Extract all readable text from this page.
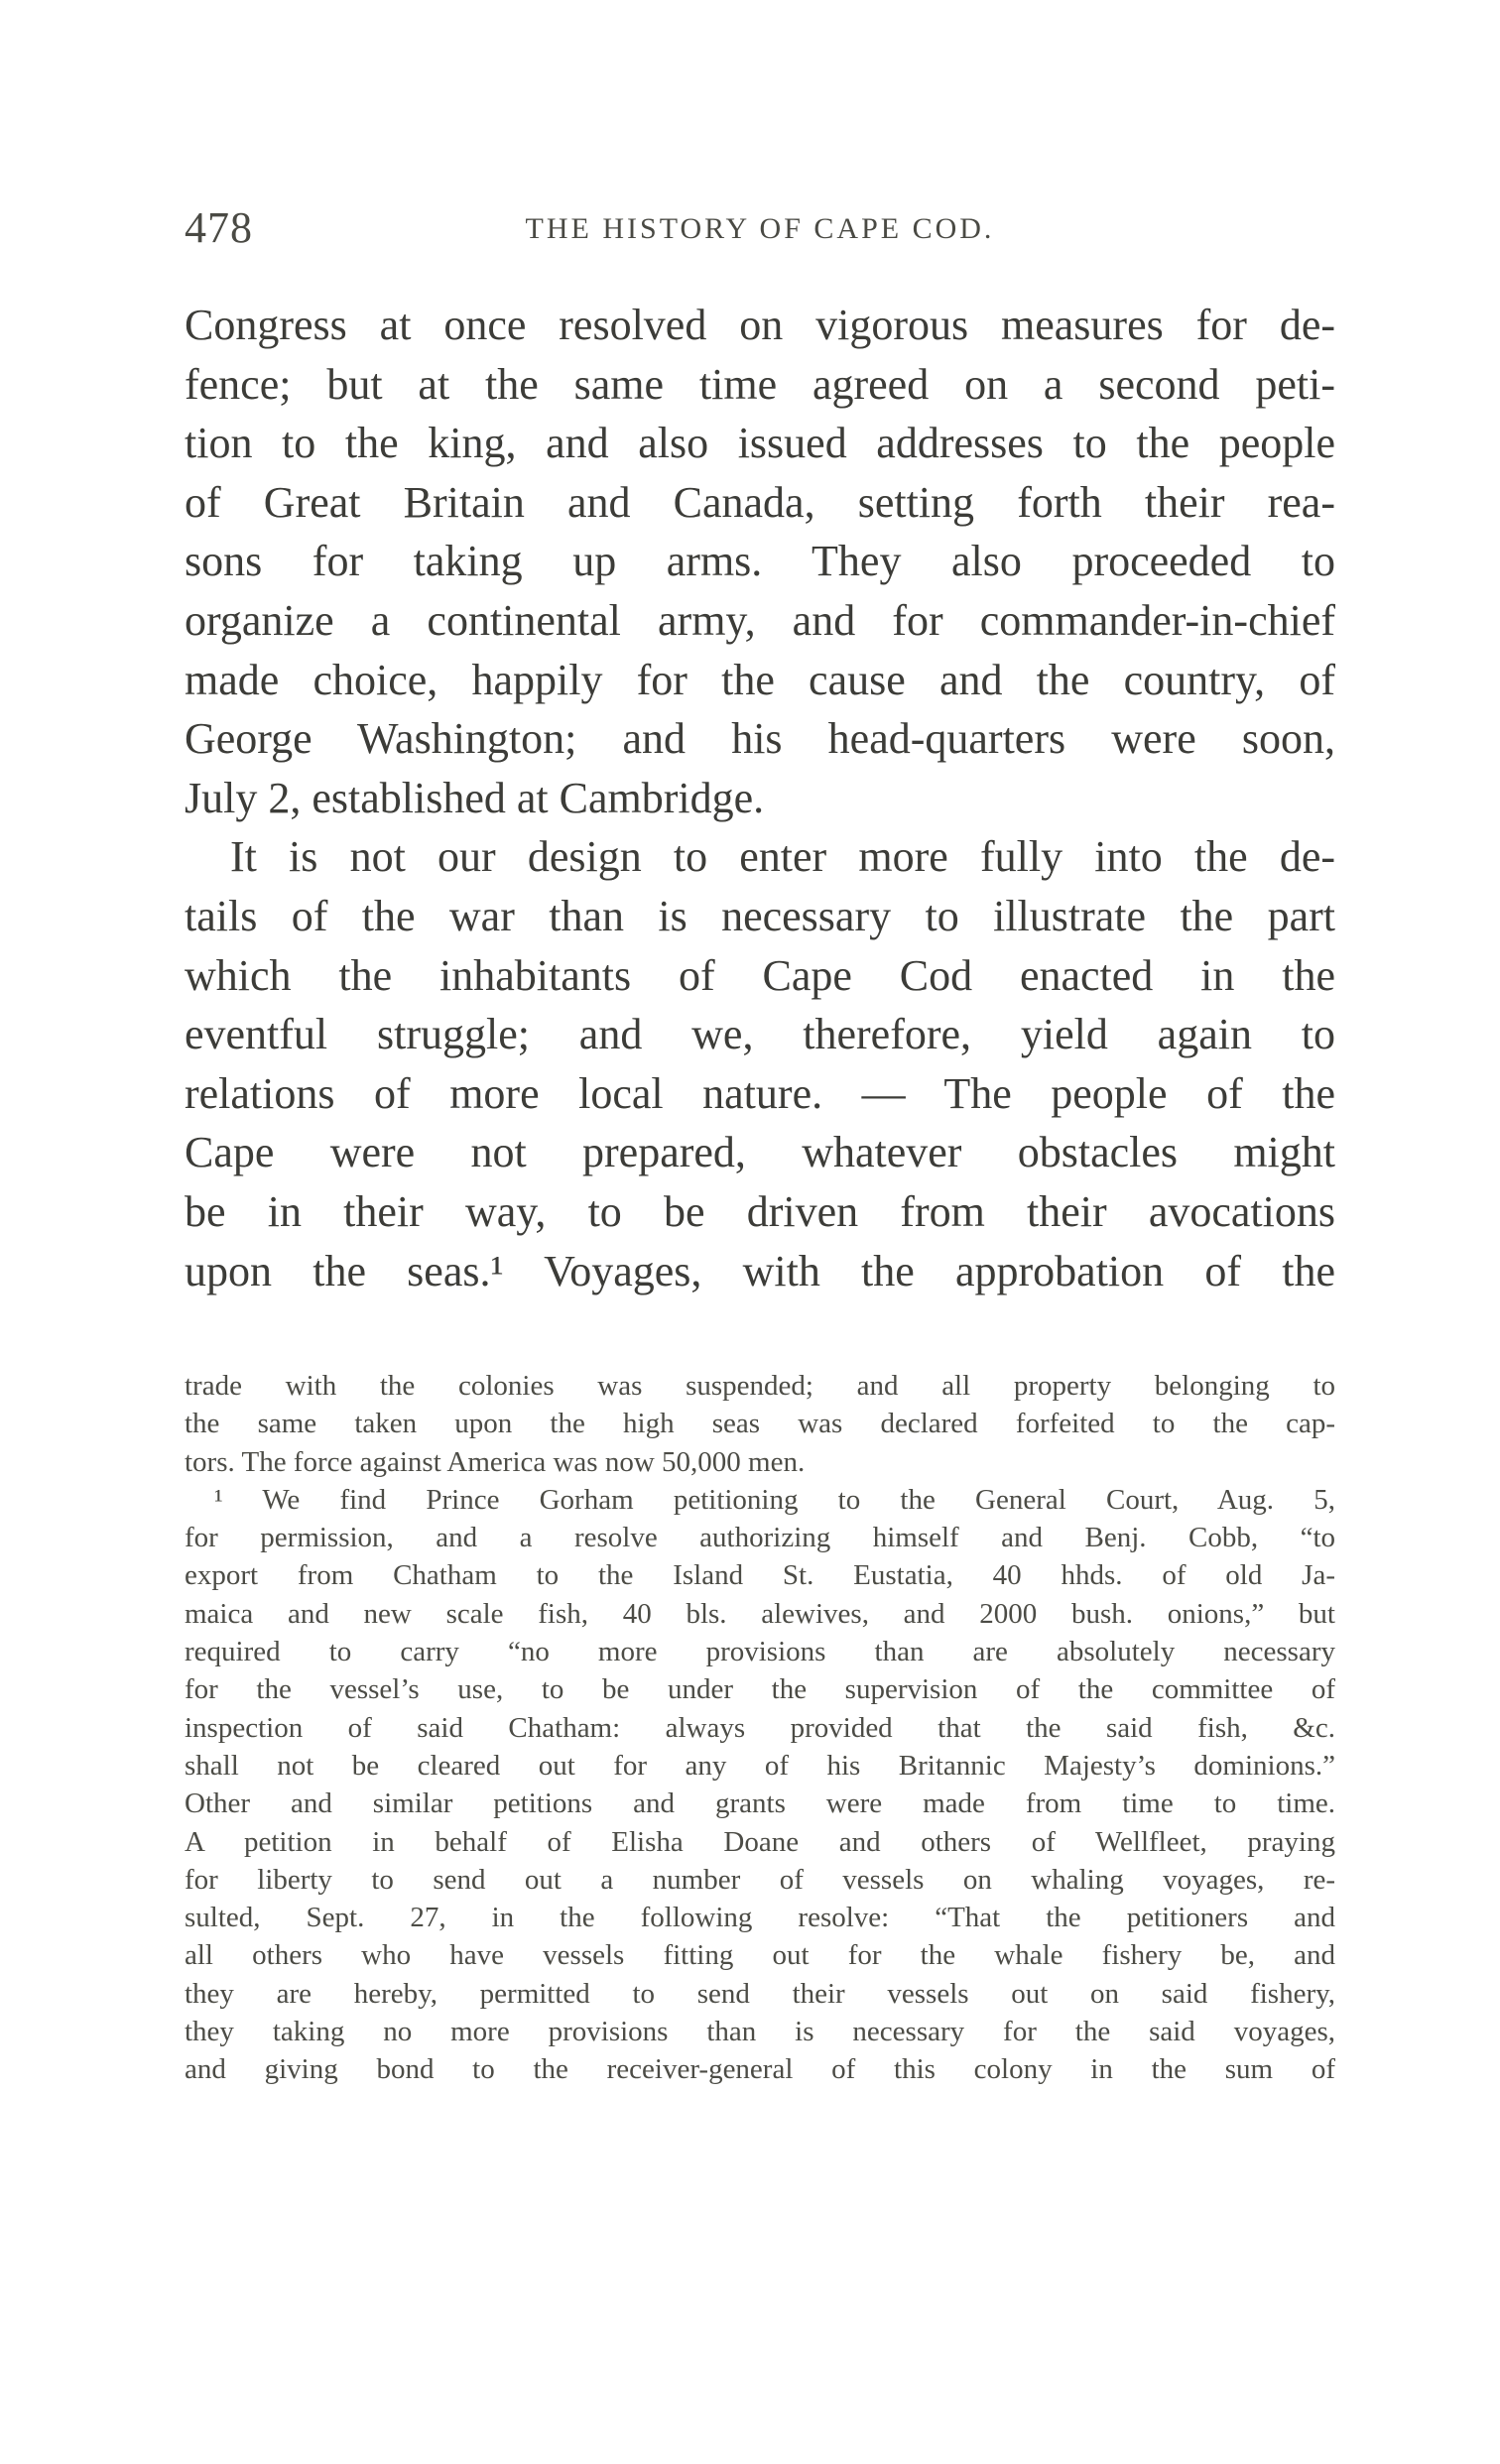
478	THE HISTORY OF CAPE COD.
Congress at once resolved on vigorous measures for de-
fence; but at the same time agreed on a second peti-
tion to the king, and also issued addresses to the people
of Great Britain and Canada, setting forth their rea-
sons for taking up arms. They also proceeded to
organize a continental army, and for commander-in-chief
made choice, happily for the cause and the country, of
George Washington; and his head-quarters were soon,
July 2, established at Cambridge.
It is not our design to enter more fully into the de-
tails of the war than is necessary to illustrate the part
which the inhabitants of Cape Cod enacted in the
eventful struggle; and we, therefore, yield again to
relations of more local nature. — The people of the
Cape were not prepared, whatever obstacles might
be in their way, to be driven from their avocations
upon the seas.¹ Voyages, with the approbation of the
trade with the colonies was suspended; and all property belonging to
the same taken upon the high seas was declared forfeited to the cap-
tors. The force against America was now 50,000 men.
¹ We find Prince Gorham petitioning to the General Court, Aug. 5,
for permission, and a resolve authorizing himself and Benj. Cobb, “to
export from Chatham to the Island St. Eustatia, 40 hhds. of old Ja-
maica and new scale fish, 40 bls. alewives, and 2000 bush. onions,” but
required to carry “no more provisions than are absolutely necessary
for the vessel’s use, to be under the supervision of the committee of
inspection of said Chatham: always provided that the said fish, &c.
shall not be cleared out for any of his Britannic Majesty’s dominions.”
Other and similar petitions and grants were made from time to time.
A petition in behalf of Elisha Doane and others of Wellfleet, praying
for liberty to send out a number of vessels on whaling voyages, re-
sulted, Sept. 27, in the following resolve: “That the petitioners and
all others who have vessels fitting out for the whale fishery be, and
they are hereby, permitted to send their vessels out on said fishery,
they taking no more provisions than is necessary for the said voyages,
and giving bond to the receiver-general of this colony in the sum of
